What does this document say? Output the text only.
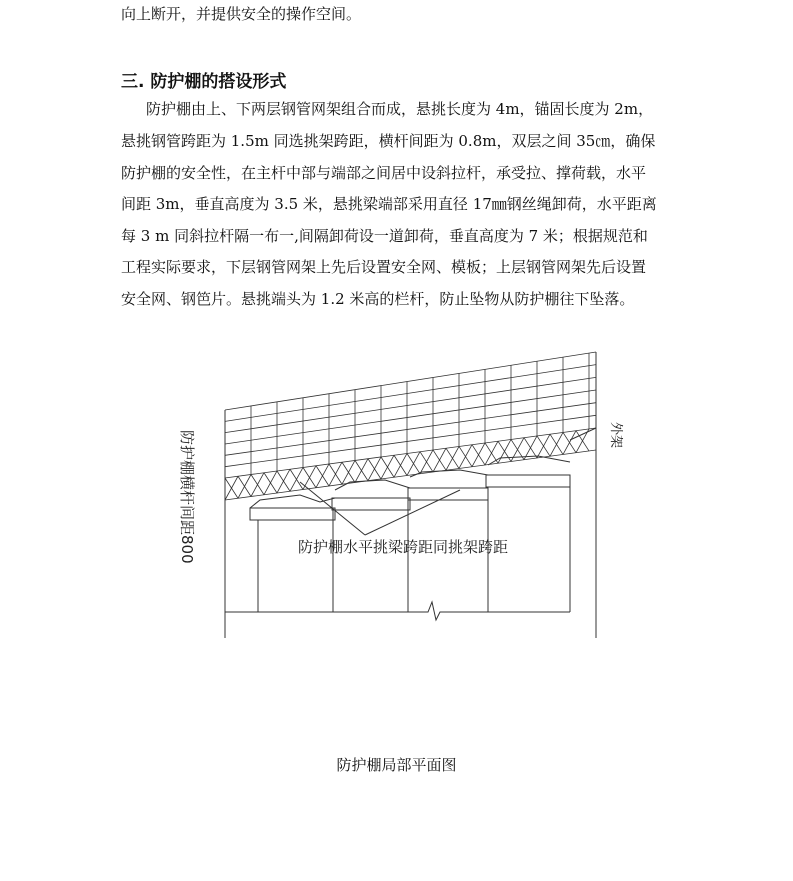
向上断开，并提供安全的操作空间。
三. 防护棚的搭设形式
防护棚由上、下两层钢管网架组合而成，悬挑长度为 4m，锚固长度为 2m，
悬挑钢管跨距为 1.5m 同选挑架跨距，横杆间距为 0.8m，双层之间 35㎝，确保
防护棚的安全性，在主杆中部与端部之间居中设斜拉杆，承受拉、撑荷载，水平
间距 3m，垂直高度为 3.5 米，悬挑梁端部采用直径 17㎜钢丝绳卸荷，水平距离
每 3 m 同斜拉杆隔一布一,间隔卸荷设一道卸荷，垂直高度为 7 米；根据规范和
工程实际要求，下层钢管网架上先后设置安全网、模板；上层钢管网架先后设置
安全网、钢笆片。悬挑端头为 1.2 米高的栏杆，防止坠物从防护棚往下坠落。
防护棚横杆间距800	外架
防护棚水平挑梁跨距同挑架跨距
防护棚局部平面图
